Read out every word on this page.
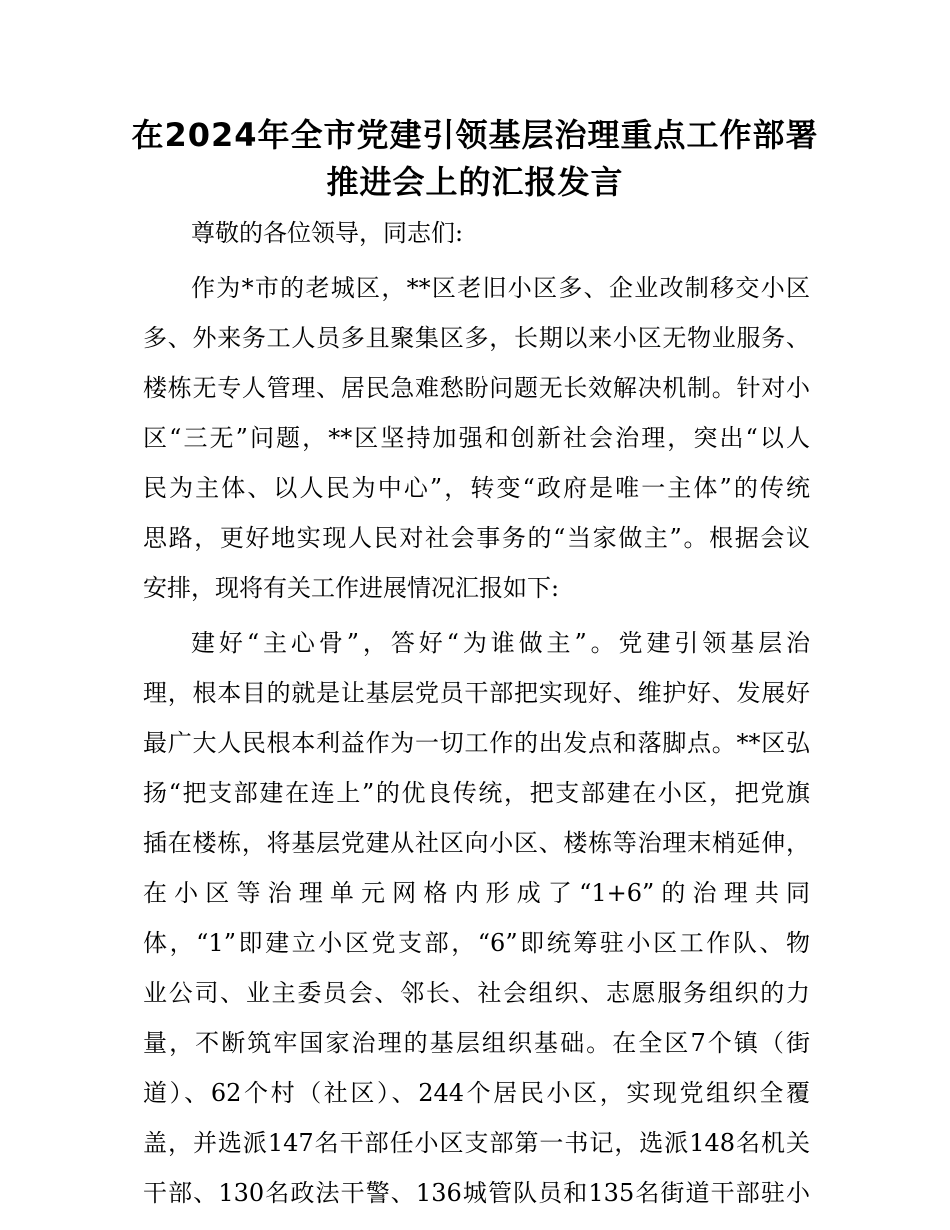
在2024年全市党建引领基层治理重点工作部署
推进会上的汇报发言
尊敬的各位领导，同志们:
作为*市的老城区，**区老旧小区多、企业改制移交小区
多、外来务工人员多且聚集区多，长期以来小区无物业服务、
楼栋无专人管理、居民急难愁盼问题无长效解决机制。针对小
区“三无”问题，**区坚持加强和创新社会治理，突出“以人
民为主体、以人民为中心”，转变“政府是唯一主体”的传统
思路，更好地实现人民对社会事务的“当家做主”。根据会议
安排，现将有关工作进展情况汇报如下:
建好“主心骨”，答好“为谁做主”。党建引领基层治
理，根本目的就是让基层党员干部把实现好、维护好、发展好
最广大人民根本利益作为一切工作的出发点和落脚点。**区弘
扬“把支部建在连上”的优良传统，把支部建在小区，把党旗
插在楼栋，将基层党建从社区向小区、楼栋等治理末梢延伸，
在小区等治理单元网格内形成了“1+6”的治理共同
体，“1”即建立小区党支部，“6”即统筹驻小区工作队、物
业公司、业主委员会、邻长、社会组织、志愿服务组织的力
量，不断筑牢国家治理的基层组织基础。在全区7个镇（街
道）、62个村（社区）、244个居民小区，实现党组织全覆
盖，并选派147名干部任小区支部第一书记，选派148名机关
干部、130名政法干警、136城管队员和135名街道干部驻小
